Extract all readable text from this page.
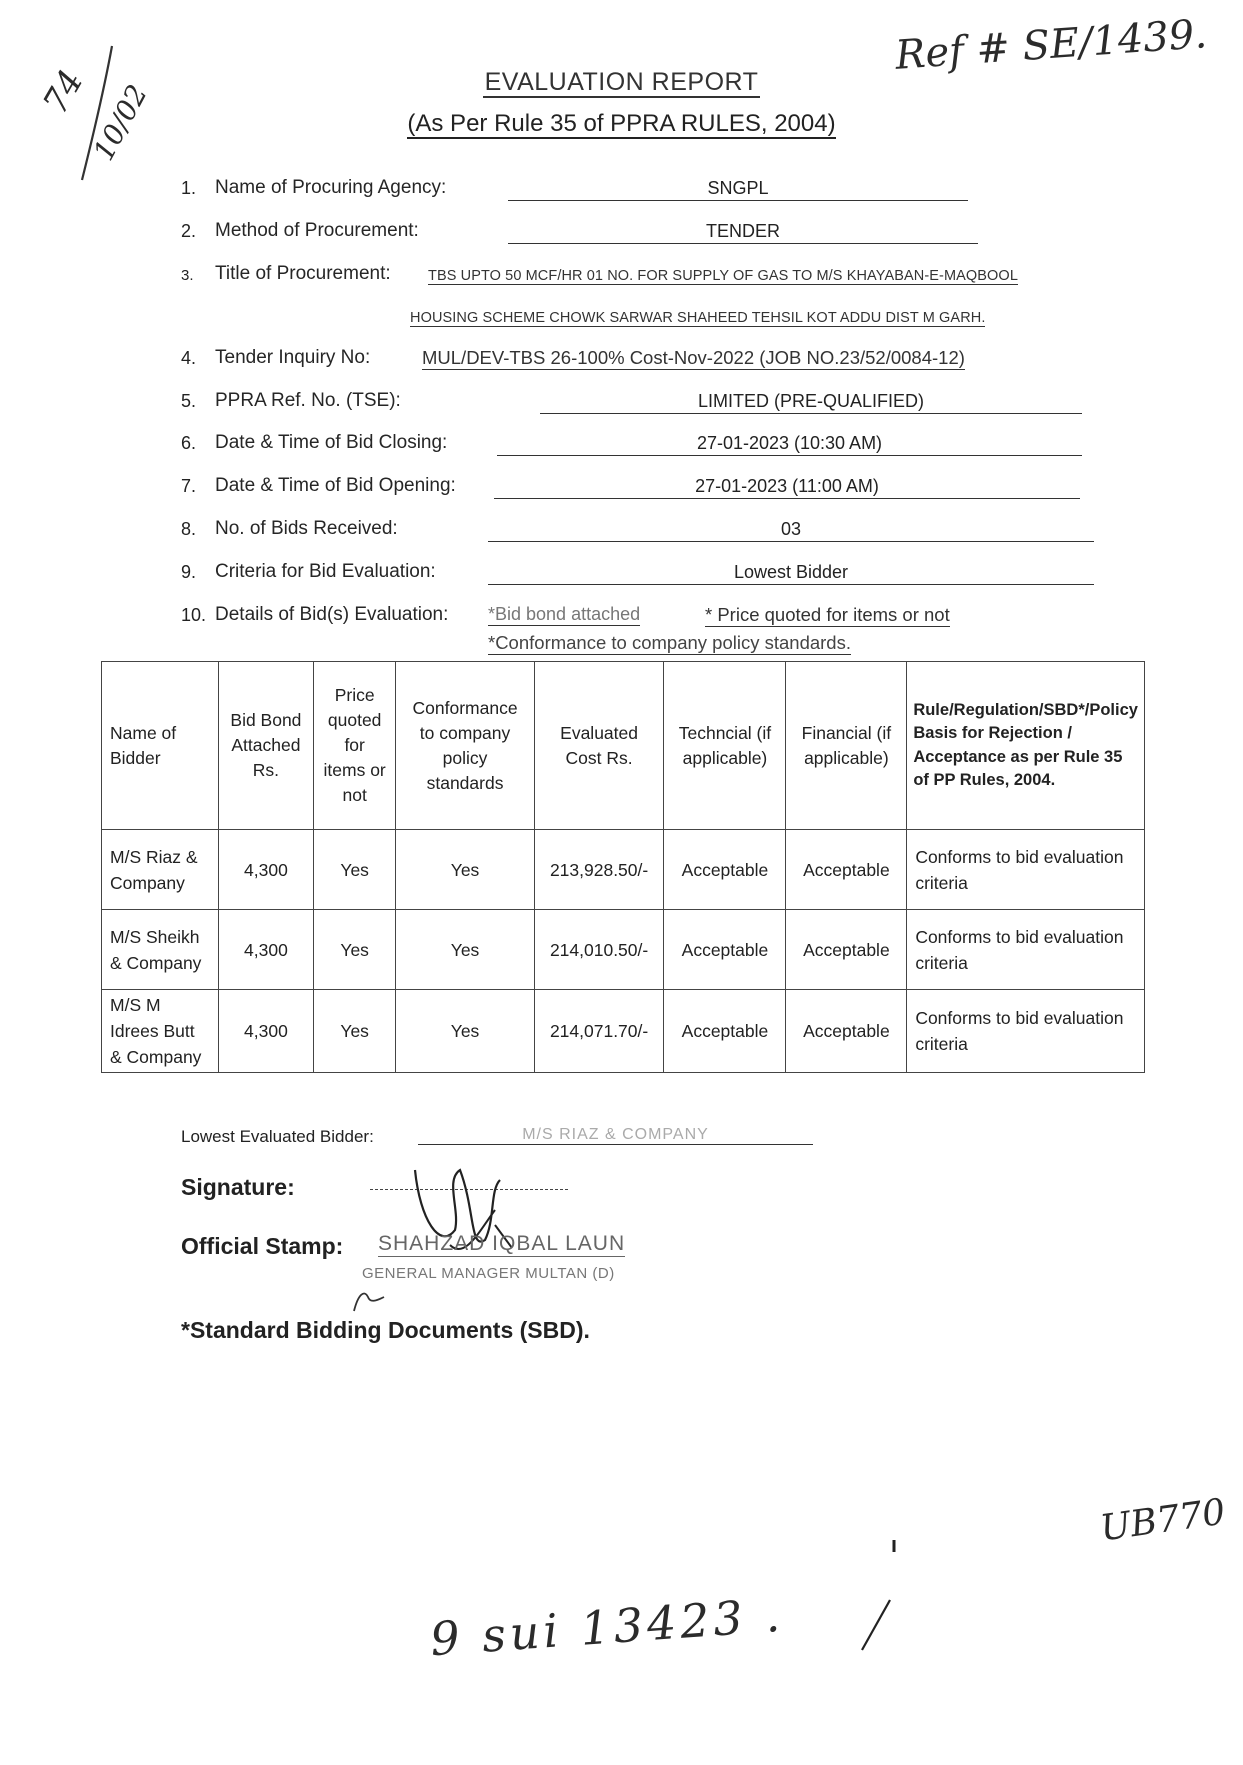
Ref # SE/1439.
74
10/02	EVALUATION REPORT
(As Per Rule 35 of PPRA RULES, 2004)
1. Name of Procuring Agency:	SNGPL
2. Method of Procurement:	TENDER
3. Title of Procurement:	TBS UPTO 50 MCF/HR 01 NO. FOR SUPPLY OF GAS TO M/S KHAYABAN-E-MAQBOOL
HOUSING SCHEME CHOWK SARWAR SHAHEED TEHSIL KOT ADDU DIST M GARH.
4. Tender Inquiry No:	MUL/DEV-TBS 26-100% Cost-Nov-2022 (JOB NO.23/52/0084-12)
5. PPRA Ref. No. (TSE):	LIMITED (PRE-QUALIFIED)
6. Date & Time of Bid Closing:	27-01-2023 (10:30 AM)
7. Date & Time of Bid Opening:	27-01-2023 (11:00 AM)
8. No. of Bids Received:	03
9. Criteria for Bid Evaluation:	Lowest Bidder
10. Details of Bid(s) Evaluation: *Bid bond attached	* Price quoted for items or not
*Conformance to company policy standards.
Name of Bidder	Bid Bond Attached Rs.	Price quoted for items or not	Conformance to company policy standards	Evaluated Cost Rs.	Techncial (if applicable)	Financial (if applicable)	Rule/Regulation/SBD*/Policy Basis for Rejection / Acceptance as per Rule 35 of PP Rules, 2004.
M/S Riaz & Company	4,300	Yes	Yes	213,928.50/-	Acceptable	Acceptable	Conforms to bid evaluation criteria
M/S Sheikh & Company	4,300	Yes	Yes	214,010.50/-	Acceptable	Acceptable	Conforms to bid evaluation criteria
M/S M Idrees Butt & Company	4,300	Yes	Yes	214,071.70/-	Acceptable	Acceptable	Conforms to bid evaluation criteria
Lowest Evaluated Bidder:	M/S RIAZ & COMPANY
Signature:
Official Stamp: SHAHZAD IQBAL LAUN
GENERAL MANAGER MULTAN (D)
*Standard Bidding Documents (SBD).
UB770
9 sui 13423 .
